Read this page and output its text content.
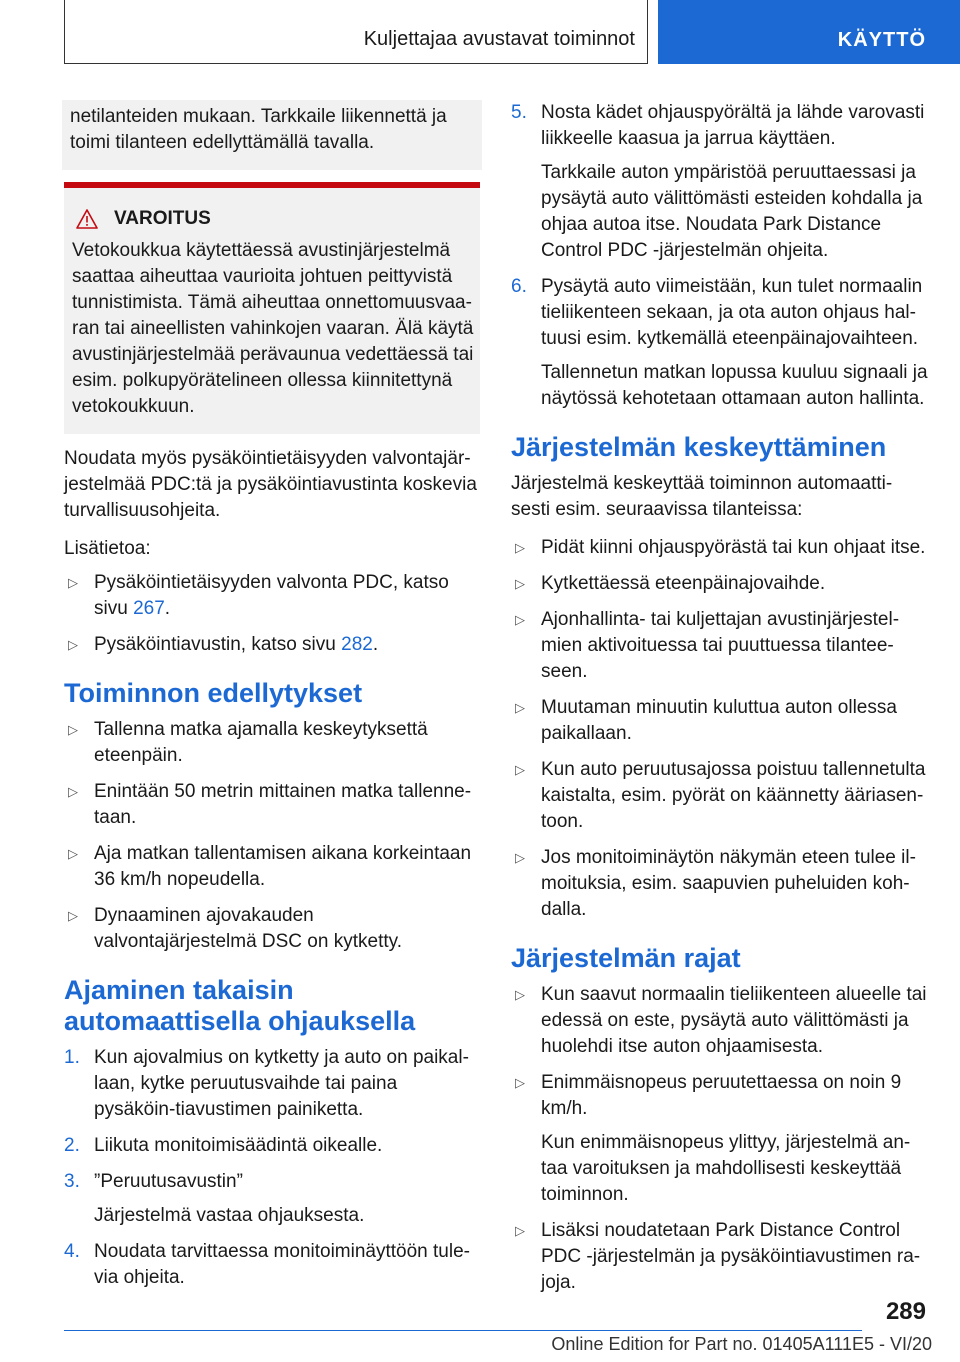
Kuljettajaa avustavat toiminnot	KÄYTTÖ

netilanteiden mukaan. Tarkkaile liikennettä ja toimi tilanteen edellyttämällä tavalla.

VAROITUS

Vetokoukkua käytettäessä avustinjärjestelmä saattaa aiheuttaa vaurioita johtuen peittyvistä tunnistimista. Tämä aiheuttaa onnettomuusvaa-ran tai aineellisten vahinkojen vaaran. Älä käytä avustinjärjestelmää perävaunua vedettäessä tai esim. polkupyörätelineen ollessa kiinnitettynä vetokoukkuun.

Noudata myös pysäköintietäisyyden valvontajär-jestelmää PDC:tä ja pysäköintiavustinta koskevia turvallisuusohjeita.

Lisätietoa:

▷ Pysäköintietäisyyden valvonta PDC, katso sivu 267.
▷ Pysäköintiavustin, katso sivu 282.
Toiminnon edellytykset
▷ Tallenna matka ajamalla keskeytyksettä eteenpäin.
▷ Enintään 50 metrin mittainen matka tallenne-taan.
▷ Aja matkan tallentamisen aikana korkeintaan 36 km/h nopeudella.
▷ Dynaaminen ajovakauden valvontajärjestelmä DSC on kytketty.
Ajaminen takaisin automaattisella ohjauksella
1. Kun ajovalmius on kytketty ja auto on paikal-laan, kytke peruutusvaihde tai paina pysäköin-tiavustimen painiketta.
2. Liikuta monitoimisäädintä oikealle.
3. ”Peruutusavustin”
Järjestelmä vastaa ohjauksesta.
4. Noudata tarvittaessa monitoiminäyttöön tule-via ohjeita.
5. Nosta kädet ohjauspyörältä ja lähde varovasti liikkeelle kaasua ja jarrua käyttäen.
Tarkkaile auton ympäristöä peruuttaessasi ja pysäytä auto välittömästi esteiden kohdalla ja ohjaa autoa itse. Noudata Park Distance Control PDC -järjestelmän ohjeita.
6. Pysäytä auto viimeistään, kun tulet normaalin tieliikenteen sekaan, ja ota auton ohjaus hal-tuusi esim. kytkemällä eteenpäinajovaihteen.
Tallennetun matkan lopussa kuuluu signaali ja näytössä kehotetaan ottamaan auton hallinta.
Järjestelmän keskeyttäminen

Järjestelmä keskeyttää toiminnon automaatti-sesti esim. seuraavissa tilanteissa:

▷ Pidät kiinni ohjauspyörästä tai kun ohjaat itse.
▷ Kytkettäessä eteenpäinajovaihde.
▷ Ajonhallinta- tai kuljettajan avustinjärjestel-mien aktivoituessa tai puuttuessa tilantee-seen.
▷ Muutaman minuutin kuluttua auton ollessa paikallaan.
▷ Kun auto peruutusajossa poistuu tallennetulta kaistalta, esim. pyörät on käännetty ääriasen-toon.
▷ Jos monitoiminäytön näkymän eteen tulee il-moituksia, esim. saapuvien puheluiden koh-dalla.
Järjestelmän rajat
▷ Kun saavut normaalin tieliikenteen alueelle tai edessä on este, pysäytä auto välittömästi ja huolehdi itse auton ohjaamisesta.
▷ Enimmäisnopeus peruutettaessa on noin 9 km/h.
Kun enimmäisnopeus ylittyy, järjestelmä an-taa varoituksen ja mahdollisesti keskeyttää toiminnon.
▷ Lisäksi noudatetaan Park Distance Control PDC -järjestelmän ja pysäköintiavustimen ra-joja.
289
Online Edition for Part no. 01405A111E5 - VI/20
